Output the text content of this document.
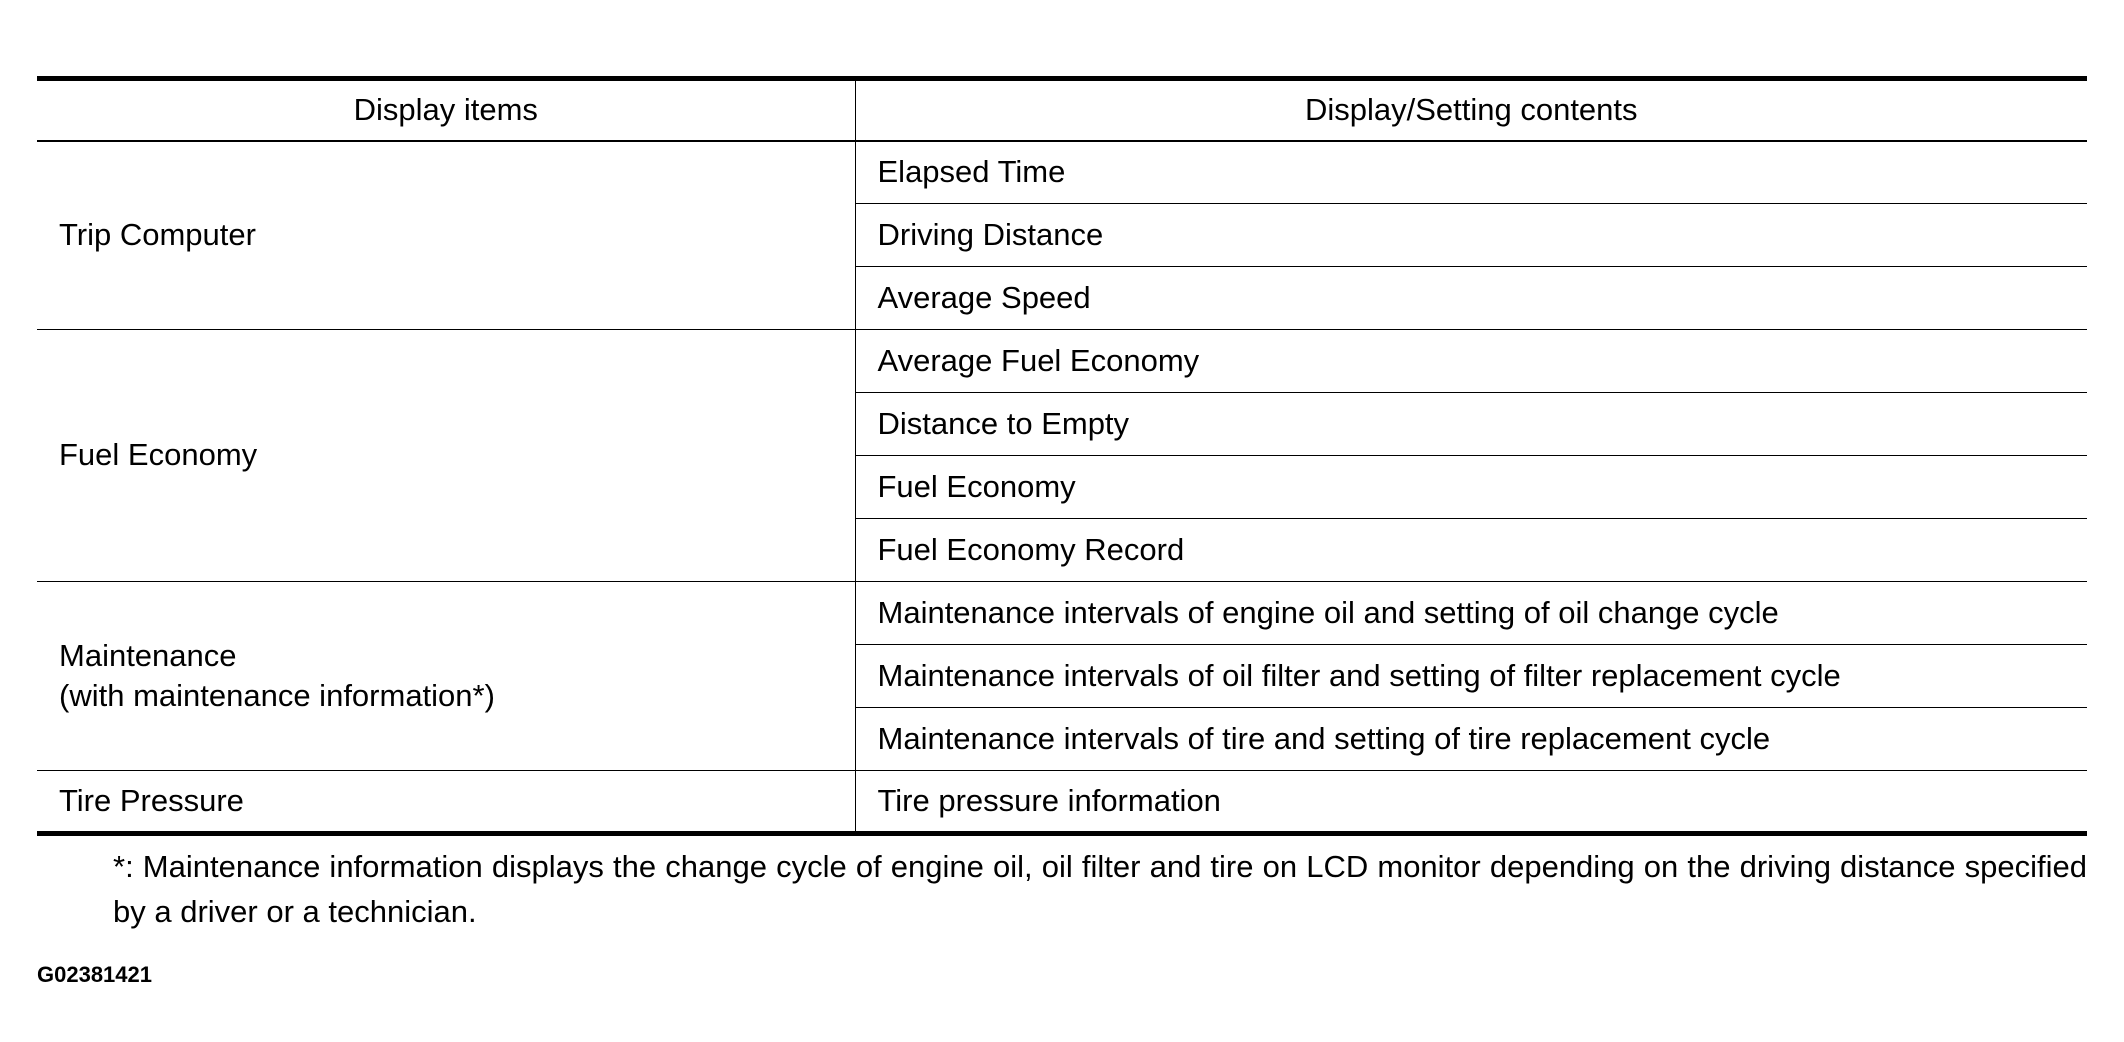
Display items	Display/Setting contents

Trip Computer	Elapsed Time
	Driving Distance
	Average Speed

Fuel Economy	Average Fuel Economy
	Distance to Empty
	Fuel Economy
	Fuel Economy Record

Maintenance
(with maintenance information*)	Maintenance intervals of engine oil and setting of oil change cycle
	Maintenance intervals of oil filter and setting of filter replacement cycle
	Maintenance intervals of tire and setting of tire replacement cycle

Tire Pressure	Tire pressure information
*: Maintenance information displays the change cycle of engine oil, oil filter and tire on LCD monitor depending on the driving distance specified by a driver or a technician.
G02381421
